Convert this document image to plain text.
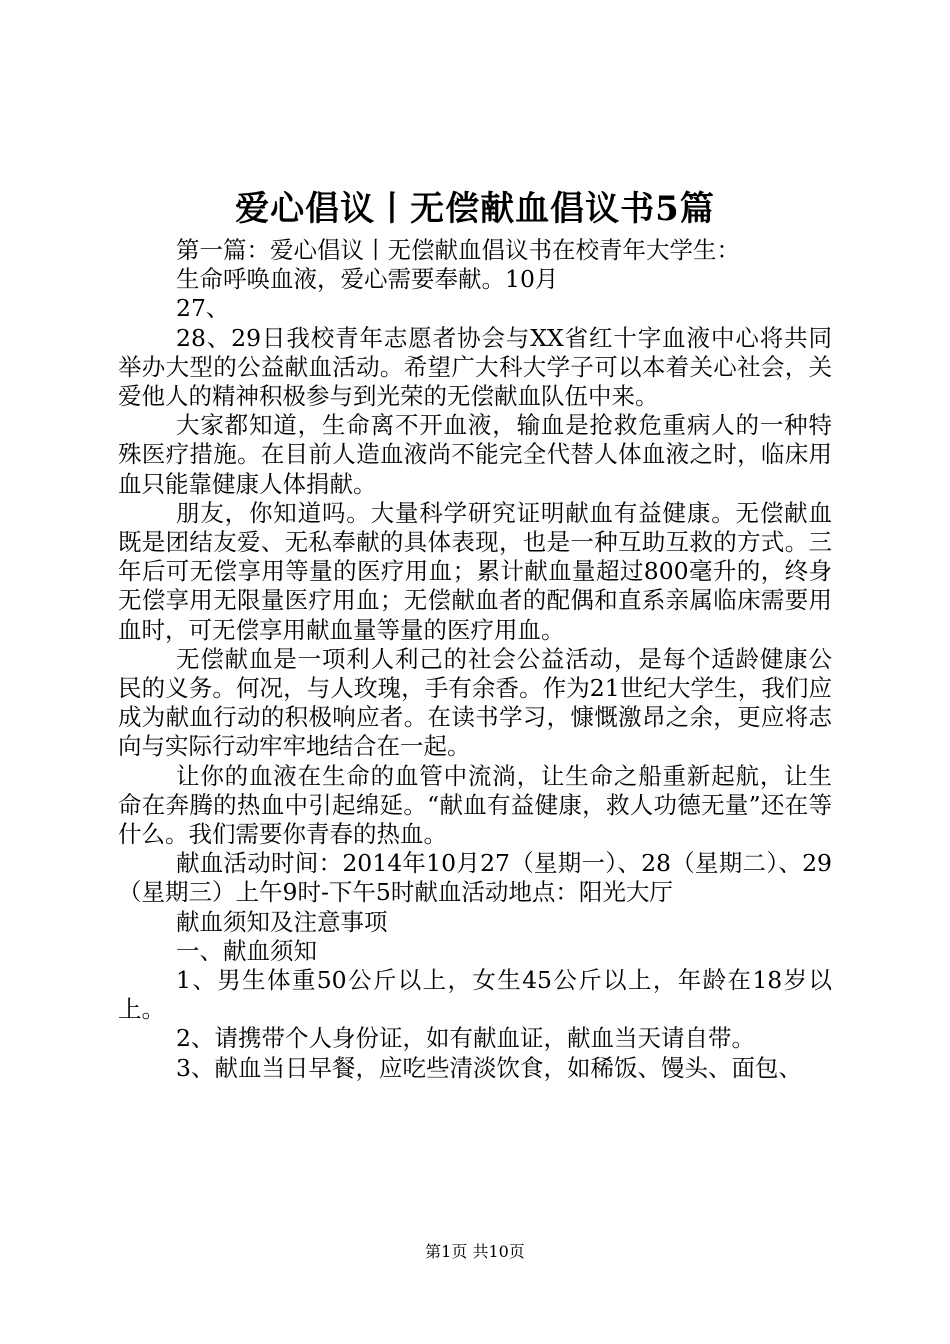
爱心倡议丨无偿献血倡议书5篇

第一篇：爱心倡议丨无偿献血倡议书在校青年大学生：

生命呼唤血液，爱心需要奉献。10月

27、

28、29日我校青年志愿者协会与XX省红十字血液中心将共同举办大型的公益献血活动。希望广大科大学子可以本着关心社会，关爱他人的精神积极参与到光荣的无偿献血队伍中来。

大家都知道，生命离不开血液，输血是抢救危重病人的一种特殊医疗措施。在目前人造血液尚不能完全代替人体血液之时，临床用血只能靠健康人体捐献。

朋友，你知道吗。大量科学研究证明献血有益健康。无偿献血既是团结友爱、无私奉献的具体表现，也是一种互助互救的方式。三年后可无偿享用等量的医疗用血；累计献血量超过800毫升的，终身无偿享用无限量医疗用血；无偿献血者的配偶和直系亲属临床需要用血时，可无偿享用献血量等量的医疗用血。

无偿献血是一项利人利己的社会公益活动，是每个适龄健康公民的义务。何况，与人玫瑰，手有余香。作为21世纪大学生，我们应成为献血行动的积极响应者。在读书学习，慷慨激昂之余，更应将志向与实际行动牢牢地结合在一起。

让你的血液在生命的血管中流淌，让生命之船重新起航，让生命在奔腾的热血中引起绵延。“献血有益健康，救人功德无量”还在等什么。我们需要你青春的热血。

献血活动时间：2014年10月27（星期一）、28（星期二）、29（星期三）上午9时-下午5时献血活动地点：阳光大厅

献血须知及注意事项

一、献血须知

1、男生体重50公斤以上，女生45公斤以上，年龄在18岁以上。

2、请携带个人身份证，如有献血证，献血当天请自带。

3、献血当日早餐，应吃些清淡饮食，如稀饭、馒头、面包、

第1页 共10页
